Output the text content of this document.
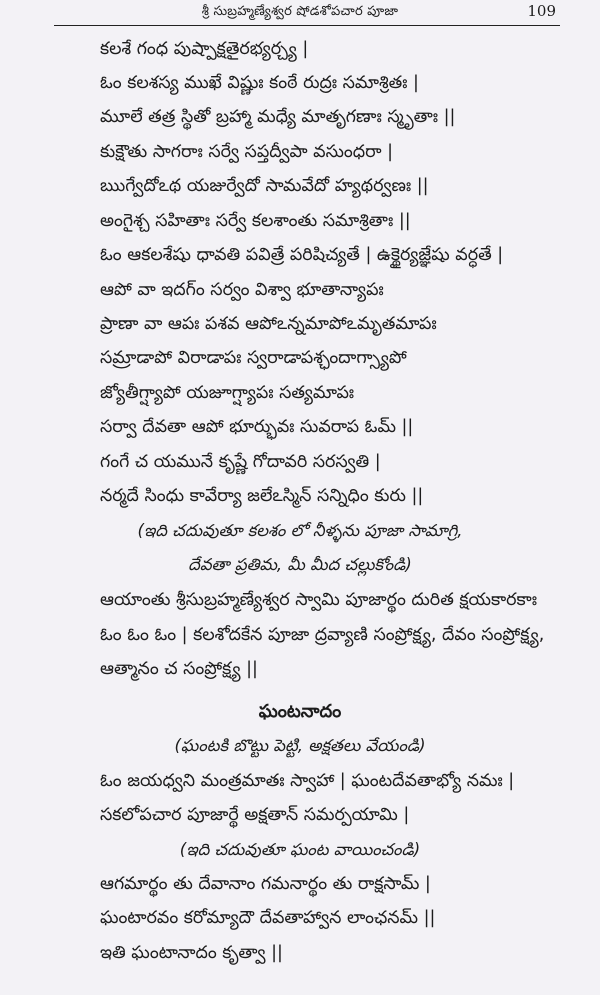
శ్రీ సుబ్రహ్మణ్యేశ్వర షోడశోపచార పూజా	109
కలశే గంధ పుష్పాక్షతైరభ్యర్చ్య |
ఓం కలశస్య ముఖే విష్ణుః కంఠే రుద్రః సమాశ్రితః |
మూలే తత్ర స్థితో బ్రహ్మా మధ్యే మాతృగణాః స్మృతాః ||
కుక్షౌతు సాగరాః సర్వే సప్తద్వీపా వసుంధరా |
ఋగ్వేదోఽథ యజుర్వేదో సామవేదో హ్యథర్వణః ||
అంగైశ్చ సహితాః సర్వే కలశాంతు సమాశ్రితాః ||
ఓం ఆకలశేషు ధావతి పవిత్రే పరిషిచ్యతే | ఉక్థైర్యజ్ఞేషు వర్ధతే |
ఆపో వా ఇదగ్ం సర్వం విశ్వా భూతాన్యాపః
ప్రాణా వా ఆపః పశవ ఆపోఽన్నమాపోఽమృతమాపః
సమ్రాడాపో విరాడాపః స్వరాడాపశ్ఛందాగ్స్యాపో
జ్యోతీగ్ష్యాపో యజూగ్ష్యాపః సత్యమాపః
సర్వా దేవతా ఆపో భూర్భువః సువరాప ఓమ్ ||
గంగే చ యమునే కృష్ణే గోదావరి సరస్వతి |
నర్మదే సింధు కావేర్యా జలేఽస్మిన్ సన్నిధిం కురు ||
(ఇది చదువుతూ కలశం లో నీళ్ళను పూజా సామాగ్రి,
దేవతా ప్రతిమ, మీ మీద చల్లుకోండి)
ఆయాంతు శ్రీసుబ్రహ్మణ్యేశ్వర స్వామి పూజార్థం దురిత క్షయకారకాః
ఓం ఓం ఓం | కలశోదకేన పూజా ద్రవ్యాణి సంప్రోక్ష్య, దేవం సంప్రోక్ష్య,
ఆత్మానం చ సంప్రోక్ష్య ||
ఘంటనాదం
(ఘంటకి బొట్టు పెట్టి, అక్షతలు వేయండి)
ఓం జయధ్వని మంత్రమాతః స్వాహా | ఘంటదేవతాభ్యో నమః |
సకలోపచార పూజార్థే అక్షతాన్ సమర్పయామి |
(ఇది చదువుతూ ఘంట వాయించండి)
ఆగమార్థం తు దేవానాం గమనార్థం తు రాక్షసామ్ |
ఘంటారవం కరోమ్యాదౌ దేవతాహ్వాన లాంఛనమ్ ||
ఇతి ఘంటానాదం కృత్వా ||
